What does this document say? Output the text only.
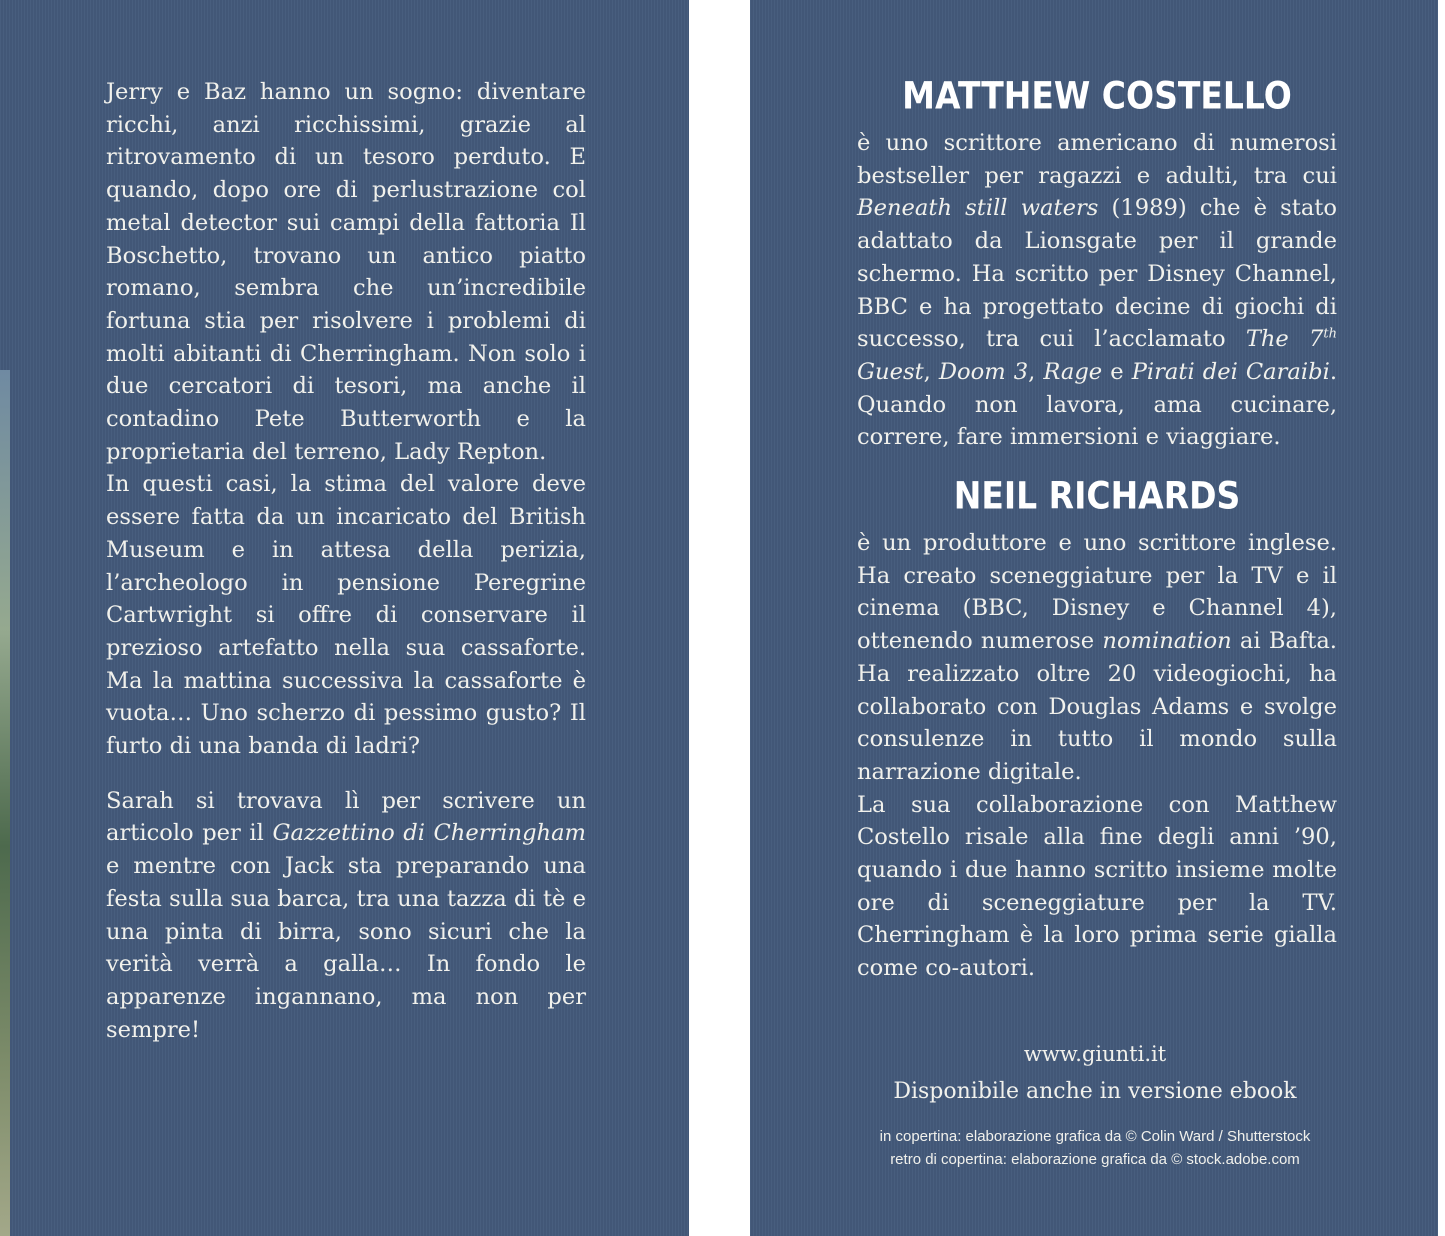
Jerry e Baz hanno un sogno: diventare ricchi, anzi ricchissimi, grazie al ritrovamento di un tesoro perduto. E quando, dopo ore di perlustrazione col metal detector sui campi della fattoria Il Boschetto, trovano un antico piatto romano, sembra che un’incredibile fortuna stia per risolvere i problemi di molti abitanti di Cherringham. Non solo i due cercatori di tesori, ma anche il contadino Pete Butterworth e la proprietaria del terreno, Lady Repton.

In questi casi, la stima del valore deve essere fatta da un incaricato del British Museum e in attesa della perizia, l’archeologo in pensione Peregrine Cartwright si offre di conservare il prezioso artefatto nella sua cassaforte. Ma la mattina successiva la cassaforte è vuota… Uno scherzo di pessimo gusto? Il furto di una banda di ladri?

Sarah si trovava lì per scrivere un articolo per il Gazzettino di Cherringham e mentre con Jack sta preparando una festa sulla sua barca, tra una tazza di tè e una pinta di birra, sono sicuri che la verità verrà a galla… In fondo le apparenze ingannano, ma non per sempre!

MATTHEW COSTELLO

è uno scrittore americano di numerosi bestseller per ragazzi e adulti, tra cui Beneath still waters (1989) che è stato adattato da Lionsgate per il grande schermo. Ha scritto per Disney Channel, BBC e ha progettato decine di giochi di successo, tra cui l’acclamato The 7th Guest, Doom 3, Rage e Pirati dei Caraibi. Quando non lavora, ama cucinare, correre, fare immersioni e viaggiare.

NEIL RICHARDS

è un produttore e uno scrittore inglese. Ha creato sceneggiature per la TV e il cinema (BBC, Disney e Channel 4), ottenendo numerose nomination ai Bafta. Ha realizzato oltre 20 videogiochi, ha collaborato con Douglas Adams e svolge consulenze in tutto il mondo sulla narrazione digitale.

La sua collaborazione con Matthew Costello risale alla fine degli anni ’90, quando i due hanno scritto insieme molte ore di sceneggiature per la TV. Cherringham è la loro prima serie gialla come co-autori.

www.giunti.it

Disponibile anche in versione ebook

in copertina: elaborazione grafica da © Colin Ward / Shutterstock

retro di copertina: elaborazione grafica da © stock.adobe.com
